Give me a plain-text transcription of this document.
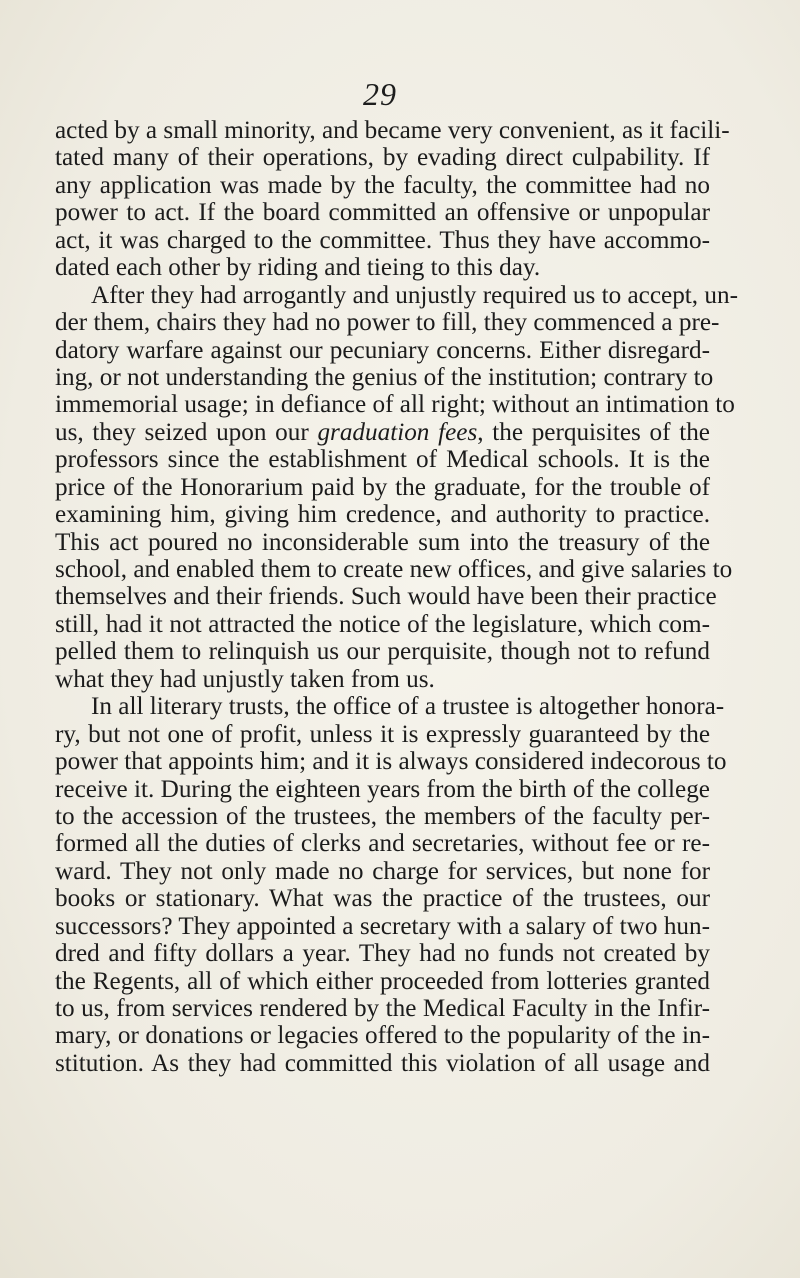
29
acted by a small minority, and became very convenient, as it facili-
tated many of their operations, by evading direct culpability. If
any application was made by the faculty, the committee had no
power to act. If the board committed an offensive or unpopular
act, it was charged to the committee. Thus they have accommo-
dated each other by riding and tieing to this day.
After they had arrogantly and unjustly required us to accept, un-
der them, chairs they had no power to fill, they commenced a pre-
datory warfare against our pecuniary concerns. Either disregard-
ing, or not understanding the genius of the institution; contrary to
immemorial usage; in defiance of all right; without an intimation to
us, they seized upon our graduation fees, the perquisites of the
professors since the establishment of Medical schools. It is the
price of the Honorarium paid by the graduate, for the trouble of
examining him, giving him credence, and authority to practice.
This act poured no inconsiderable sum into the treasury of the
school, and enabled them to create new offices, and give salaries to
themselves and their friends. Such would have been their practice
still, had it not attracted the notice of the legislature, which com-
pelled them to relinquish us our perquisite, though not to refund
what they had unjustly taken from us.
In all literary trusts, the office of a trustee is altogether honora-
ry, but not one of profit, unless it is expressly guaranteed by the
power that appoints him; and it is always considered indecorous to
receive it. During the eighteen years from the birth of the college
to the accession of the trustees, the members of the faculty per-
formed all the duties of clerks and secretaries, without fee or re-
ward. They not only made no charge for services, but none for
books or stationary. What was the practice of the trustees, our
successors? They appointed a secretary with a salary of two hun-
dred and fifty dollars a year. They had no funds not created by
the Regents, all of which either proceeded from lotteries granted
to us, from services rendered by the Medical Faculty in the Infir-
mary, or donations or legacies offered to the popularity of the in-
stitution. As they had committed this violation of all usage and
